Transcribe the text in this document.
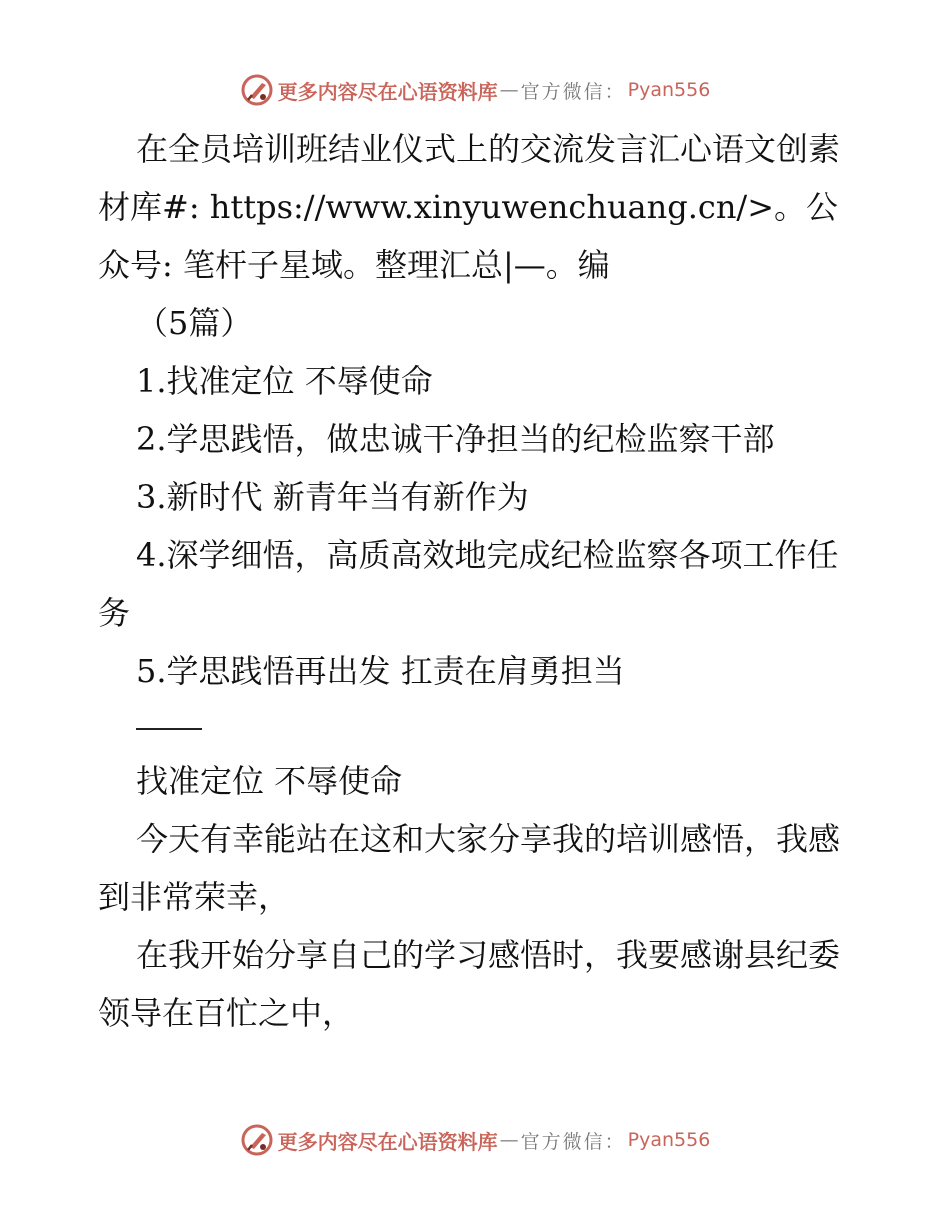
更多内容尽在心语资料库 — 官方微信： Pyan556

在全员培训班结业仪式上的交流发言汇心语文创素材库#: https://www.xinyuwenchuang.cn/>。公众号: 笔杆子星域。整理汇总|—。编

（5篇）

1.找准定位 不辱使命

2.学思践悟，做忠诚干净担当的纪检监察干部

3.新时代 新青年当有新作为

4.深学细悟，高质高效地完成纪检监察各项工作任务

5.学思践悟再出发 扛责在肩勇担当

找准定位 不辱使命

今天有幸能站在这和大家分享我的培训感悟，我感到非常荣幸，

在我开始分享自己的学习感悟时，我要感谢县纪委领导在百忙之中，

更多内容尽在心语资料库 — 官方微信： Pyan556
